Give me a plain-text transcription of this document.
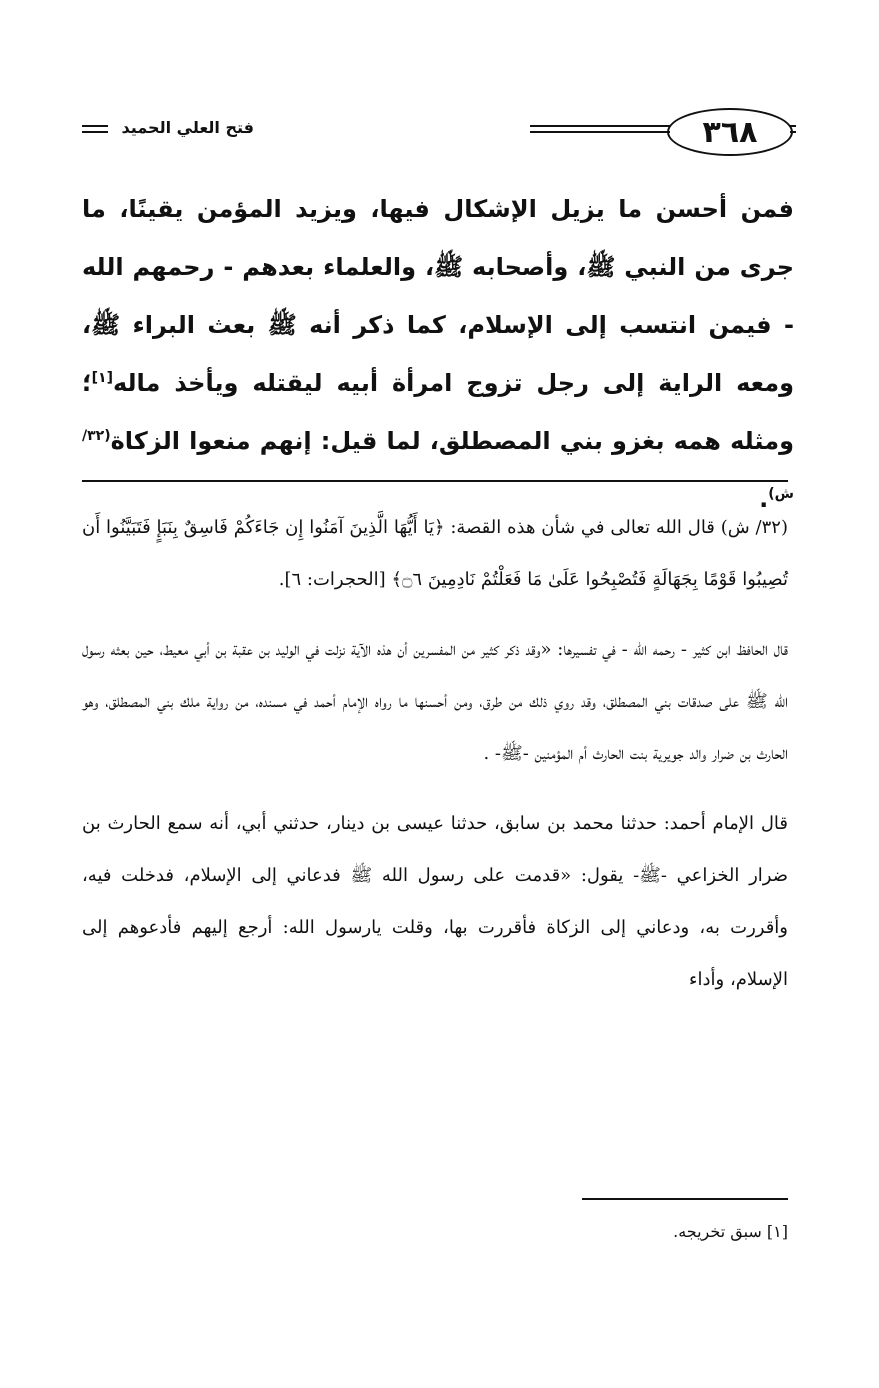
فتح العلي الحميد	٣٦٨
فمن أحسن ما يزيل الإشكال فيها، ويزيد المؤمن يقينًا، ما جرى من النبي ﷺ، وأصحابه ﷺ، والعلماء بعدهم - رحمهم الله - فيمن انتسب إلى الإسلام، كما ذكر أنه ﷺ بعث البراء ﷺ، ومعه الراية إلى رجل تزوج امرأة أبيه ليقتله ويأخذ ماله[١]؛ ومثله همه بغزو بني المصطلق، لما قيل: إنهم منعوا الزكاة$^{(٣٢/ش)}$.

(٣٢/ ش) قال الله تعالى في شأن هذه القصة: ﴿يَا أَيُّهَا الَّذِينَ آمَنُوا إِن جَاءَكُمْ فَاسِقٌ بِنَبَإٍ فَتَبَيَّنُوا أَن تُصِيبُوا قَوْمًا بِجَهَالَةٍ فَتُصْبِحُوا عَلَىٰ مَا فَعَلْتُمْ نَادِمِينَ ۝٦﴾ [الحجرات: ٦].

قال الحافظ ابن كثير - رحمه الله - في تفسيرها: «وقد ذكر كثير من المفسرين أن هذه الآية نزلت في الوليد بن عقبة بن أبي معيط، حين بعثه رسول الله ﷺ على صدقات بني المصطلق، وقد روي ذلك من طرق، ومن أحسنها ما رواه الإمام أحمد في مسنده، من رواية ملك بني المصطلق، وهو الحارث بن ضرار والد جويرية بنت الحارث أم المؤمنين -ﷺ- .

قال الإمام أحمد: حدثنا محمد بن سابق، حدثنا عيسى بن دينار، حدثني أبي، أنه سمع الحارث بن ضرار الخزاعي -ﷺ- يقول: «قدمت على رسول الله ﷺ فدعاني إلى الإسلام، فدخلت فيه، وأقررت به، ودعاني إلى الزكاة فأقررت بها، وقلت يارسول الله: أرجع إليهم فأدعوهم إلى الإسلام، وأداء

[١] سبق تخريجه.
